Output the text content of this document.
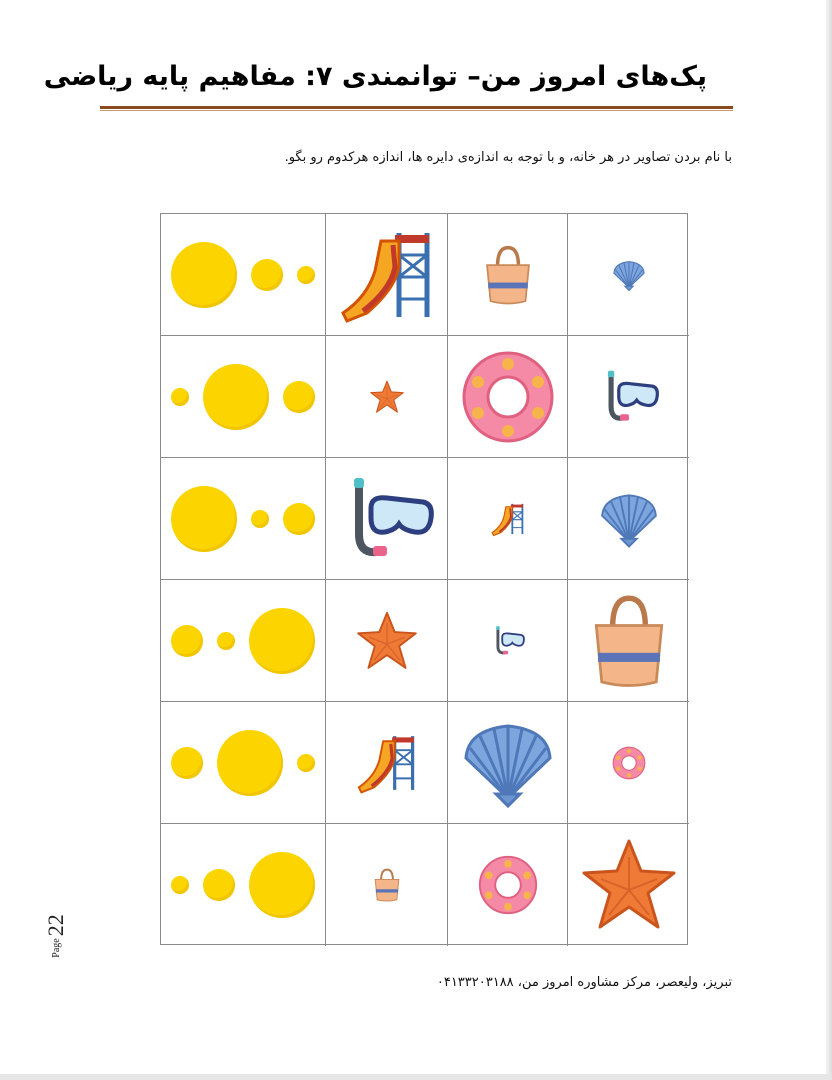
پک‌های امروز من– توانمندی ۷: مفاهیم پایه ریاضی
با نام بردن تصاویر در هر خانه، و با توجه به اندازه‌ی دایره ها، اندازه هرکدوم رو بگو.
تبریز، ولیعصر، مرکز مشاوره امروز من، ۰۴۱۳۳۲۰۳۱۸۸
Page
22
